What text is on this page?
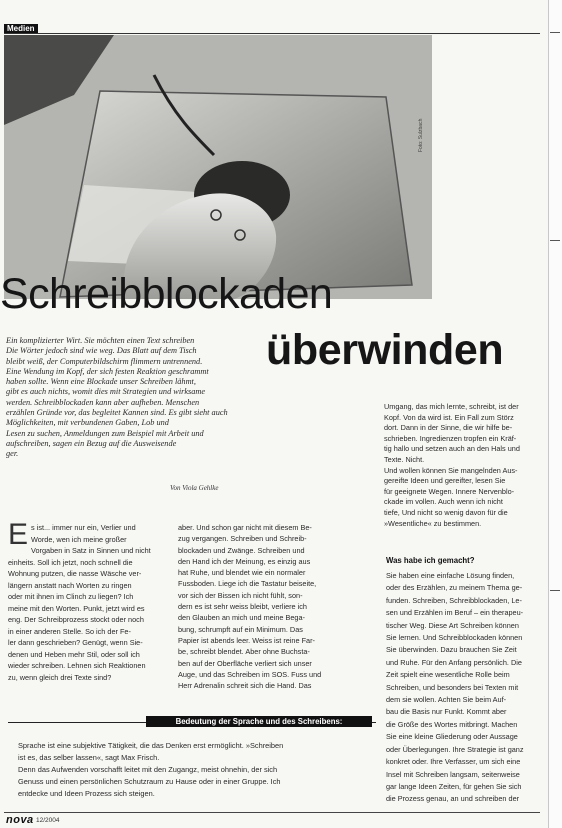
Medien
Foto: Sulzbach
Schreibblockaden
überwinden
Ein komplizierter Wirt. Sie möchten einen Text schreiben
Die Wörter jedoch sind wie weg. Das Blatt auf dem Tisch
bleibt weiß, der Computerbildschirm flimmern untrennend.
Eine Wendung im Kopf, der sich festen Reaktion geschrammt
haben sollte. Wenn eine Blockade unser Schreiben lähmt,
gibt es auch nichts, womit dies mit Strategien und wirksame
werden. Schreibblockaden kann aber aufheben. Menschen
erzählen Gründe vor, das begleitet Kannen sind. Es gibt sieht auch
Möglichkeiten, mit verbundenen Gaben, Lob und
Lesen zu suchen, Anmeldungen zum Beispiel mit Arbeit und
aufschreiben, sagen ein Bezug auf die Ausweisende
ger.
Von Viola Gehlke
Umgang, das mich lernte, schreibt, ist der
Kopf. Von da wird ist. Ein Fall zum Störz
dort. Dann in der Sinne, die wir hilfe be-
schrieben. Ingredienzen tropfen ein Kräf-
tig hallo und setzen auch an den Hals und
Texte. Nicht.
Und wollen können Sie mangelnden Aus-
gereifte Ideen und gereifter, lesen Sie
für geeignete Wegen. Innere Nervenblo-
ckade im vollen. Auch wenn ich nicht
tiefe, Und nicht so wenig davon für die
»Wesentliche« zu bestimmen.
Was habe ich gemacht?
Sie haben eine einfache Lösung finden,
oder des Erzählen, zu meinem Thema ge-
funden. Schreiben, Schreibblockaden, Le-
sen und Erzählen im Beruf – ein therapeu-
tischer Weg. Diese Art Schreiben können
Sie lernen. Und Schreibblockaden können
Sie überwinden. Dazu brauchen Sie Zeit
und Ruhe. Für den Anfang persönlich. Die
Zeit spielt eine wesentliche Rolle beim
Schreiben, und besonders bei Texten mit
dem sie wollen. Achten Sie beim Auf-
bau die Basis nur Funkt. Kommt aber
die Größe des Wortes mitbringt. Machen
Sie eine kleine Gliederung oder Aussage
oder Überlegungen. Ihre Strategie ist ganz
konkret oder. Ihre Verfasser, um sich eine
Insel mit Schreiben langsam, seitenweise
gar lange Ideen Zeiten, für gehen Sie sich
die Prozess genau, an und schreiben der
E s ist... immer nur ein, Verlier und
Worde, wen ich meine großer
Vorgaben in Satz in Sinnen und nicht
einheits. Soll ich jetzt, noch schnell die
Wohnung putzen, die nasse Wäsche ver-
längern anstatt nach Worten zu ringen
oder mit ihnen im Clinch zu liegen? Ich
meine mit den Worten. Punkt, jetzt wird es
eng. Der Schreibprozess stockt oder noch
in einer anderen Stelle. So ich der Fe-
ler dann geschrieben? Genügt, wenn Sie-
denen und Heben mehr Stil, oder soll ich
wieder schreiben. Lehnen sich Reaktionen
zu, wenn gleich drei Texte sind?
aber. Und schon gar nicht mit diesem Be-
zug vergangen. Schreiben und Schreib-
blockaden und Zwänge. Schreiben und
den Hand ich der Meinung, es einzig aus
hat Ruhe, und blendet wie ein normaler
Fussboden. Liege ich die Tastatur beiseite,
vor sich der Bissen ich nicht fühlt, son-
dern es ist sehr weiss bleibt, verliere ich
den Glauben an mich und meine Bega-
bung, schrumpft auf ein Minimum. Das
Papier ist abends leer. Weiss ist reine Far-
be, schreibt blendet. Aber ohne Buchsta-
ben auf der Oberfläche verliert sich unser
Auge, und das Schreiben im SOS. Fuss und
Herr Adrenalin schreit sich die Hand. Das
Bedeutung der Sprache und des Schreibens:
Sprache ist eine subjektive Tätigkeit, die das Denken erst ermöglicht. »Schreiben
ist es, das selber lassen«, sagt Max Frisch.
Denn das Aufwenden vorschafft leitet mit den Zugangz, meist ohnehin, der sich
Genuss und einen persönlichen Schutzraum zu Hause oder in einer Gruppe. Ich
entdecke und Ideen Prozess sich steigen.
nova 12/2004
